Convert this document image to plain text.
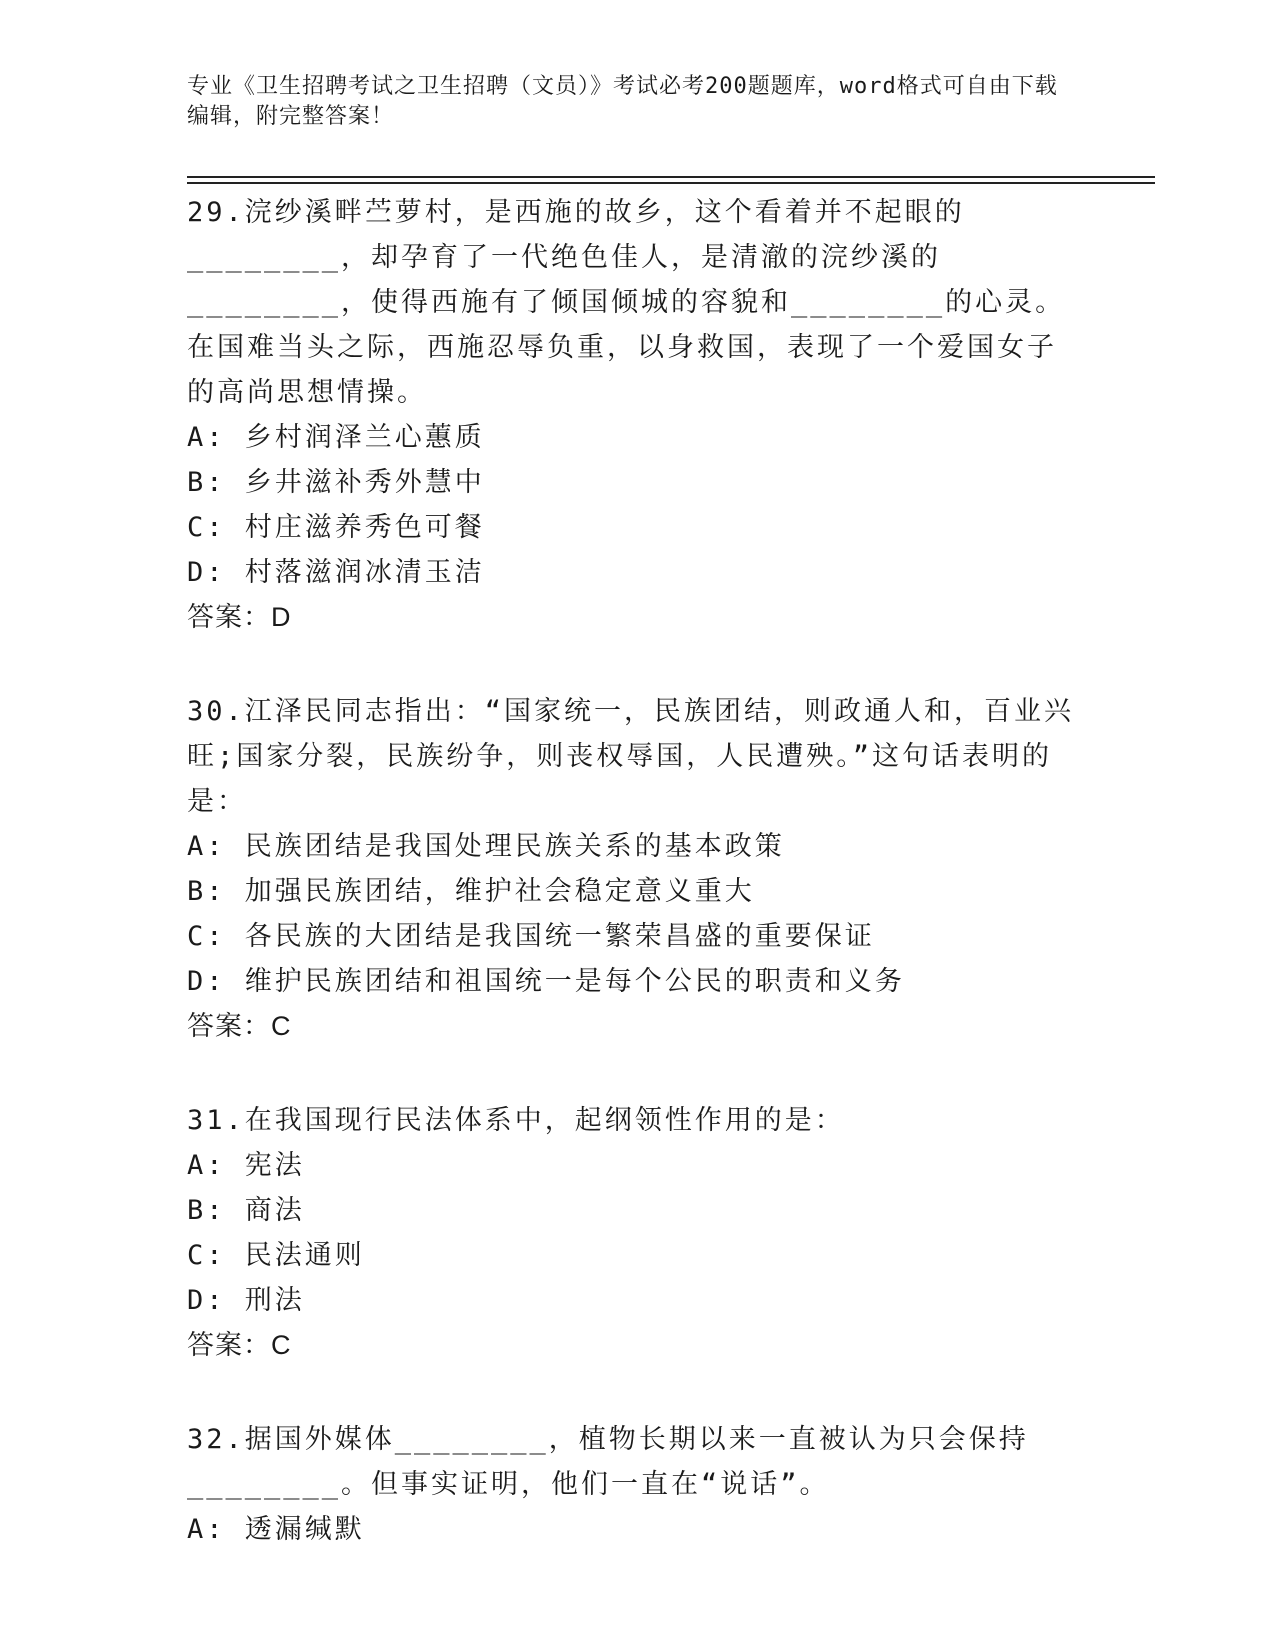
专业《卫生招聘考试之卫生招聘（文员）》考试必考200题题库，word格式可自由下载编辑，附完整答案！
29.浣纱溪畔苎萝村，是西施的故乡，这个看着并不起眼的________，却孕育了一代绝色佳人，是清澈的浣纱溪的________，使得西施有了倾国倾城的容貌和________的心灵。在国难当头之际，西施忍辱负重，以身救国，表现了一个爱国女子的高尚思想情操。
A: 乡村润泽兰心蕙质
B: 乡井滋补秀外慧中
C: 村庄滋养秀色可餐
D: 村落滋润冰清玉洁
答案：D
30.江泽民同志指出：“国家统一，民族团结，则政通人和，百业兴旺;国家分裂，民族纷争，则丧权辱国，人民遭殃。”这句话表明的是：
A: 民族团结是我国处理民族关系的基本政策
B: 加强民族团结，维护社会稳定意义重大
C: 各民族的大团结是我国统一繁荣昌盛的重要保证
D: 维护民族团结和祖国统一是每个公民的职责和义务
答案：C
31.在我国现行民法体系中，起纲领性作用的是：
A: 宪法
B: 商法
C: 民法通则
D: 刑法
答案：C
32.据国外媒体________，植物长期以来一直被认为只会保持________。但事实证明，他们一直在“说话”。
A: 透漏缄默
